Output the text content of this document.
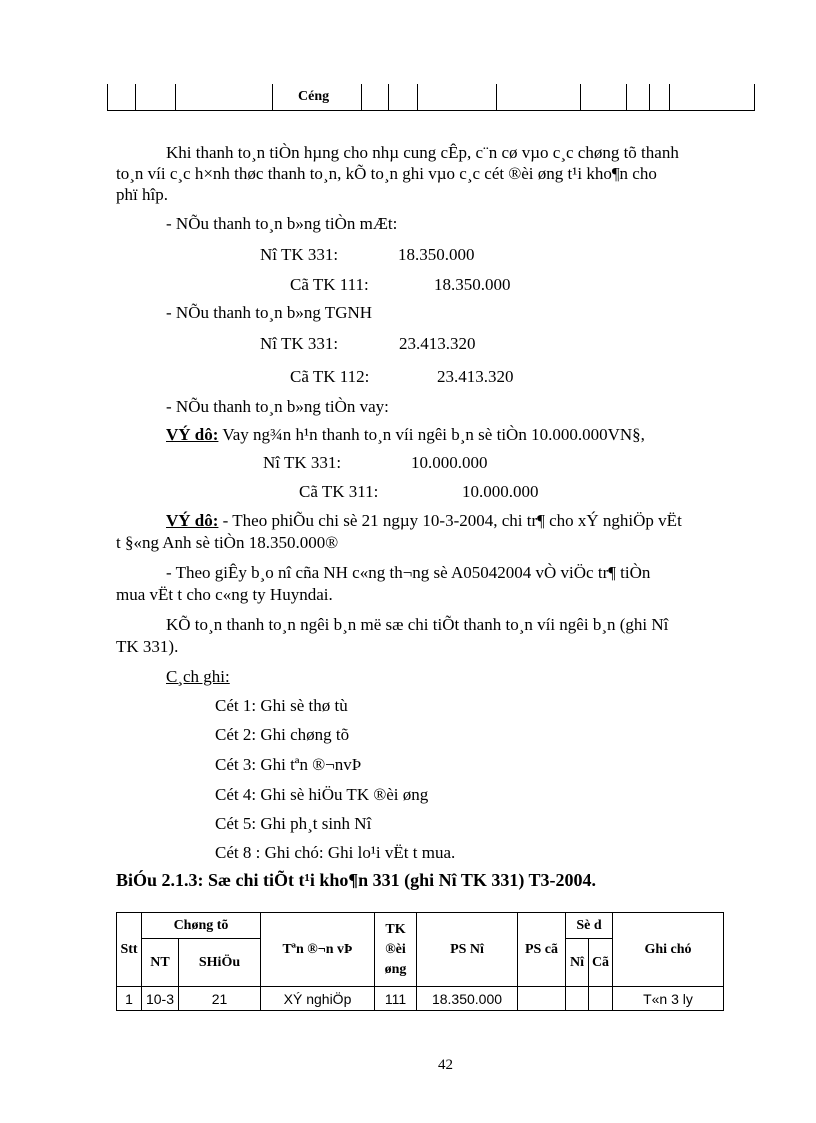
Céng
Khi thanh to¸n tiÒn hµng cho nhµ cung cÊp, c¨n cø vµo c¸c chøng tõ thanh
to¸n víi c¸c h×nh thøc thanh to¸n, kÕ to¸n ghi vµo c¸c cét ®èi øng t¹i kho¶n cho
phï hîp.
- NÕu thanh to¸n b»ng tiÒn mÆt:
Nî TK 331:	18.350.000
Cã TK 111:	18.350.000
- NÕu thanh to¸n b»ng TGNH
Nî TK 331:	23.413.320
Cã TK 112:	23.413.320
- NÕu thanh to¸n b»ng tiÒn vay:
VÝ dô: Vay ng¾n h¹n thanh to¸n víi ngêi b¸n sè tiÒn 10.000.000VN§,
Nî TK 331:	10.000.000
Cã TK 311:	10.000.000
VÝ dô: - Theo phiÕu chi sè 21 ngµy 10-3-2004, chi tr¶ cho xÝ nghiÖp vËt
t §«ng Anh sè tiÒn 18.350.000®
- Theo giÊy b¸o nî cña NH c«ng th¬ng sè A05042004 vÒ viÖc tr¶ tiÒn
mua vËt t cho c«ng ty Huyndai.
KÕ to¸n thanh to¸n ngêi b¸n më sæ chi tiÕt thanh to¸n víi ngêi b¸n (ghi Nî
TK 331).
C¸ch ghi:
Cét 1: Ghi sè thø tù
Cét 2: Ghi chøng tõ
Cét 3: Ghi tªn ®¬nvÞ
Cét 4: Ghi sè hiÖu TK ®èi øng
Cét 5: Ghi ph¸t sinh Nî
Cét 8 : Ghi chó: Ghi lo¹i vËt t mua.
BiÓu 2.1.3: Sæ chi tiÕt t¹i kho¶n 331 (ghi Nî TK 331) T3-2004.
Stt	Chøng tõ		Tªn ®¬n vÞ	TK
®èi
øng	PS Nî	PS cã	Sè d		Ghi chó
	NT	SHiÖu					Nî	Cã	
1	10-3	21	XÝ nghiÖp	111	18.350.000				T«n 3 ly
42
